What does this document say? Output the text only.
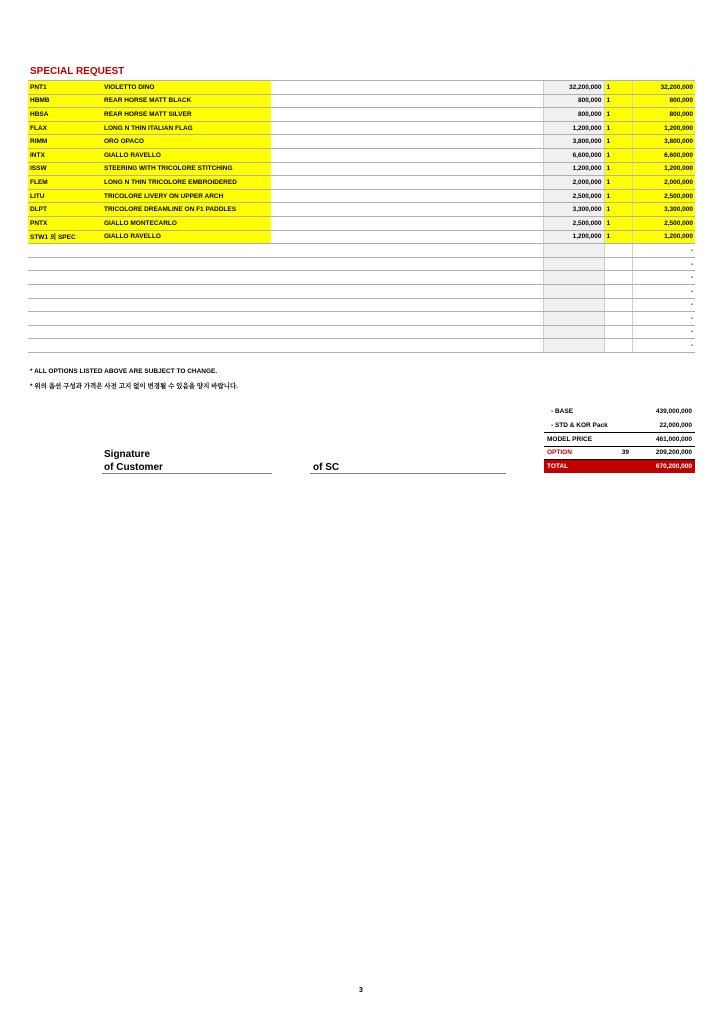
SPECIAL REQUEST
PNT1	VIOLETTO DINO		32,200,000	1	32,200,000
HBMB	REAR HORSE MATT BLACK		800,000	1	800,000
HBSA	REAR HORSE MATT SILVER		800,000	1	800,000
FLAX	LONG N THIN ITALIAN FLAG		1,200,000	1	1,200,000
RIMM	ORO OPACO		3,800,000	1	3,800,000
INTX	GIALLO RAVELLO		6,600,000	1	6,600,000
ISSW	STEERING WITH TRICOLORE STITCHING		1,200,000	1	1,200,000
FLEM	LONG N THIN TRICOLORE EMBROIDERED		2,000,000	1	2,000,000
LITU	TRICOLORE LIVERY ON UPPER ARCH		2,500,000	1	2,500,000
DLPT	TRICOLORE DREAMLINE ON F1 PADDLES		3,300,000	1	3,300,000
PNTX	GIALLO MONTECARLO		2,500,000	1	2,500,000
STW1 외 SPEC	GIALLO RAVELLO		1,200,000	1	1,200,000
					-
					-
					-
					-
					-
					-
					-
					-
* ALL OPTIONS LISTED ABOVE ARE SUBJECT TO CHANGE.
* 위의 옵션 구성과 가격은 사전 고지 없이 변경될 수 있음을 양지 바랍니다.
Signature
of Customer	of SC
- BASE		439,000,000

- STD & KOR Pack		22,000,000
MODEL PRICE		461,000,000
OPTION	39	209,200,000
TOTAL		670,200,000
3
